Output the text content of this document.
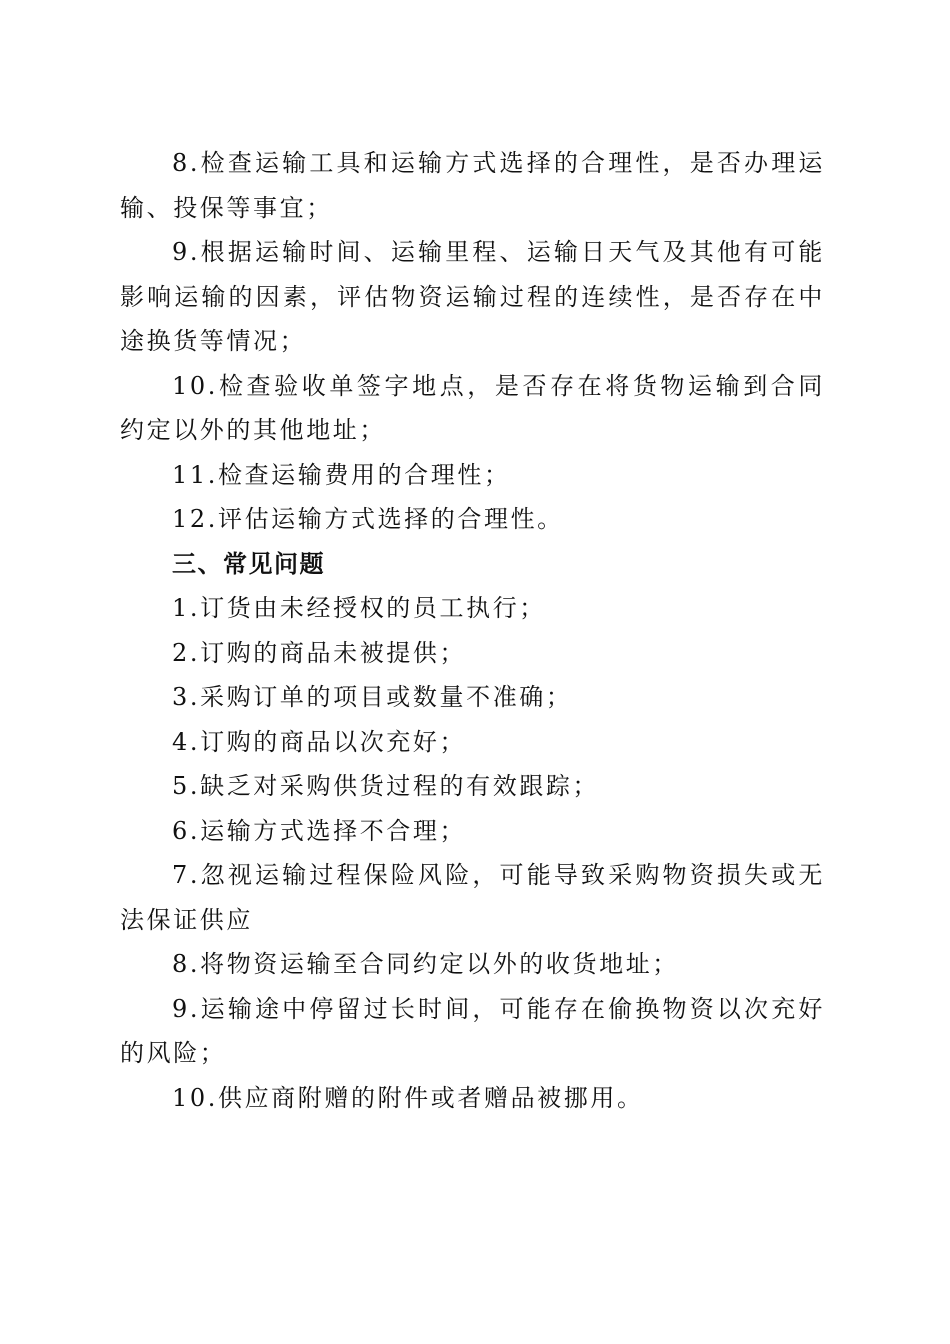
8.检查运输工具和运输方式选择的合理性，是否办理运输、投保等事宜；

9.根据运输时间、运输里程、运输日天气及其他有可能影响运输的因素，评估物资运输过程的连续性，是否存在中途换货等情况；

10.检查验收单签字地点，是否存在将货物运输到合同约定以外的其他地址；

11.检查运输费用的合理性；

12.评估运输方式选择的合理性。

三、常见问题

1.订货由未经授权的员工执行；

2.订购的商品未被提供；

3.采购订单的项目或数量不准确；

4.订购的商品以次充好；

5.缺乏对采购供货过程的有效跟踪；

6.运输方式选择不合理；

7.忽视运输过程保险风险，可能导致采购物资损失或无法保证供应

8.将物资运输至合同约定以外的收货地址；

9.运输途中停留过长时间，可能存在偷换物资以次充好的风险；

10.供应商附赠的附件或者赠品被挪用。
